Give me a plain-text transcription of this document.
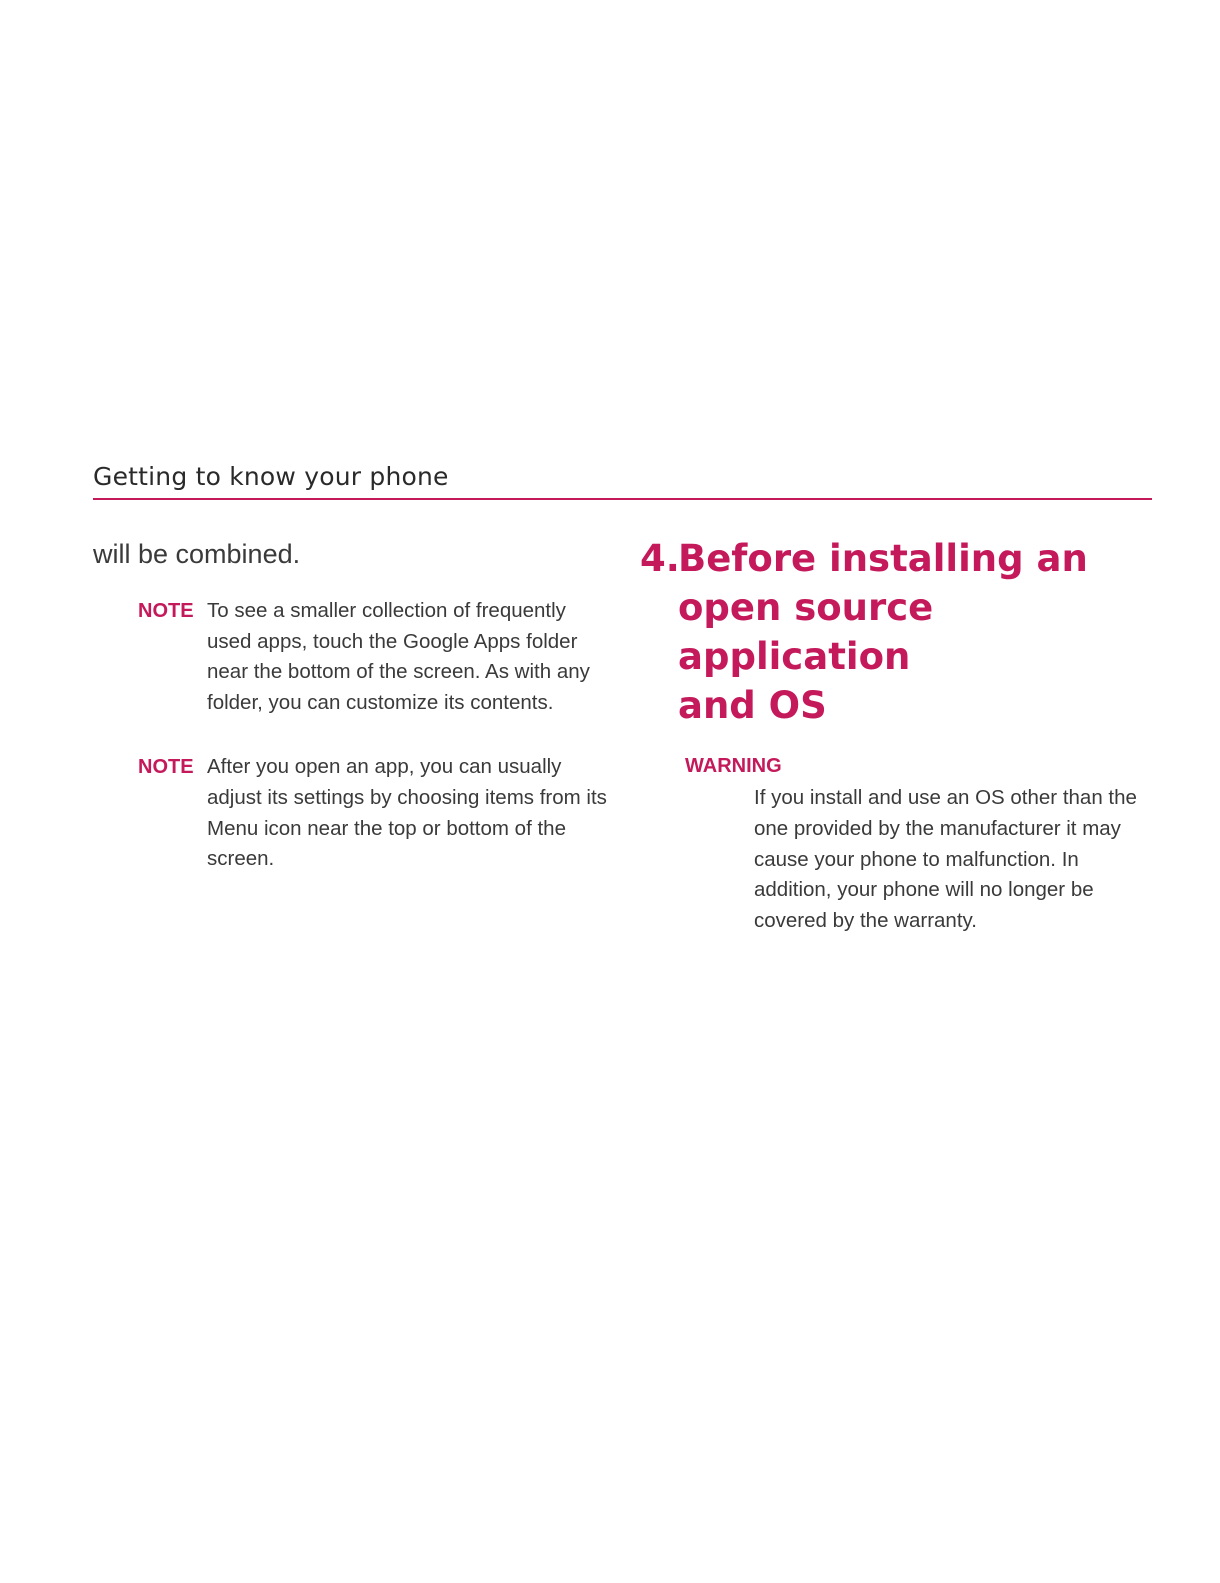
Getting to know your phone

will be combined.

NOTE To see a smaller collection of frequently used apps, touch the Google Apps folder near the bottom of the screen. As with any folder, you can customize its contents.
NOTE After you open an app, you can usually adjust its settings by choosing items from its Menu icon near the top or bottom of the screen.
4.Before installing an
open source application
and OS
WARNING
If you install and use an OS other than the one provided by the manufacturer it may cause your phone to malfunction. In addition, your phone will no longer be covered by the warranty.
